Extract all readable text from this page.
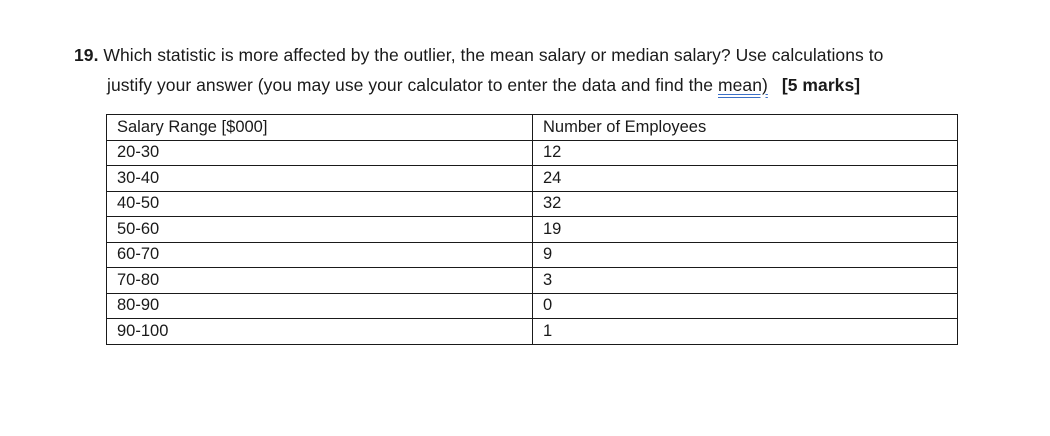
19. Which statistic is more affected by the outlier, the mean salary or median salary? Use calculations to
justify your answer (you may use your calculator to enter the data and find the mean) [5 marks]
Salary Range [$000]	Number of Employees
20-30	12
30-40	24
40-50	32
50-60	19
60-70	9
70-80	3
80-90	0
90-100	1
